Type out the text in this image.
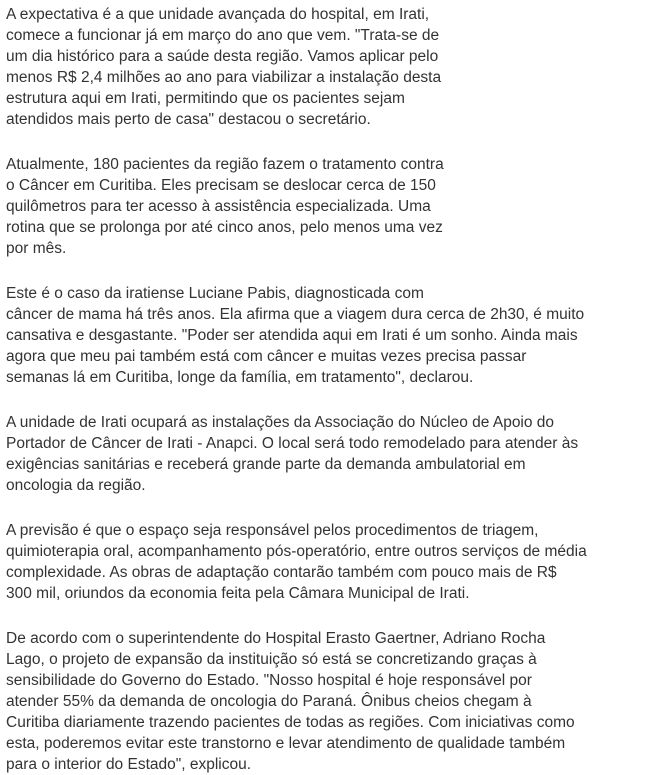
A expectativa é a que unidade avançada do hospital, em Irati,
comece a funcionar já em março do ano que vem. "Trata-se de
um dia histórico para a saúde desta região. Vamos aplicar pelo
menos R$ 2,4 milhões ao ano para viabilizar a instalação desta
estrutura aqui em Irati, permitindo que os pacientes sejam
atendidos mais perto de casa" destacou o secretário.

Atualmente, 180 pacientes da região fazem o tratamento contra
o Câncer em Curitiba. Eles precisam se deslocar cerca de 150
quilômetros para ter acesso à assistência especializada. Uma
rotina que se prolonga por até cinco anos, pelo menos uma vez
por mês.

Este é o caso da iratiense Luciane Pabis, diagnosticada com
câncer de mama há três anos. Ela afirma que a viagem dura cerca de 2h30, é muito
cansativa e desgastante. "Poder ser atendida aqui em Irati é um sonho. Ainda mais
agora que meu pai também está com câncer e muitas vezes precisa passar
semanas lá em Curitiba, longe da família, em tratamento", declarou.

A unidade de Irati ocupará as instalações da Associação do Núcleo de Apoio do
Portador de Câncer de Irati - Anapci. O local será todo remodelado para atender às
exigências sanitárias e receberá grande parte da demanda ambulatorial em
oncologia da região.

A previsão é que o espaço seja responsável pelos procedimentos de triagem,
quimioterapia oral, acompanhamento pós-operatório, entre outros serviços de média
complexidade. As obras de adaptação contarão também com pouco mais de R$
300 mil, oriundos da economia feita pela Câmara Municipal de Irati.

De acordo com o superintendente do Hospital Erasto Gaertner, Adriano Rocha
Lago, o projeto de expansão da instituição só está se concretizando graças à
sensibilidade do Governo do Estado. "Nosso hospital é hoje responsável por
atender 55% da demanda de oncologia do Paraná. Ônibus cheios chegam à
Curitiba diariamente trazendo pacientes de todas as regiões. Com iniciativas como
esta, poderemos evitar este transtorno e levar atendimento de qualidade também
para o interior do Estado", explicou.
